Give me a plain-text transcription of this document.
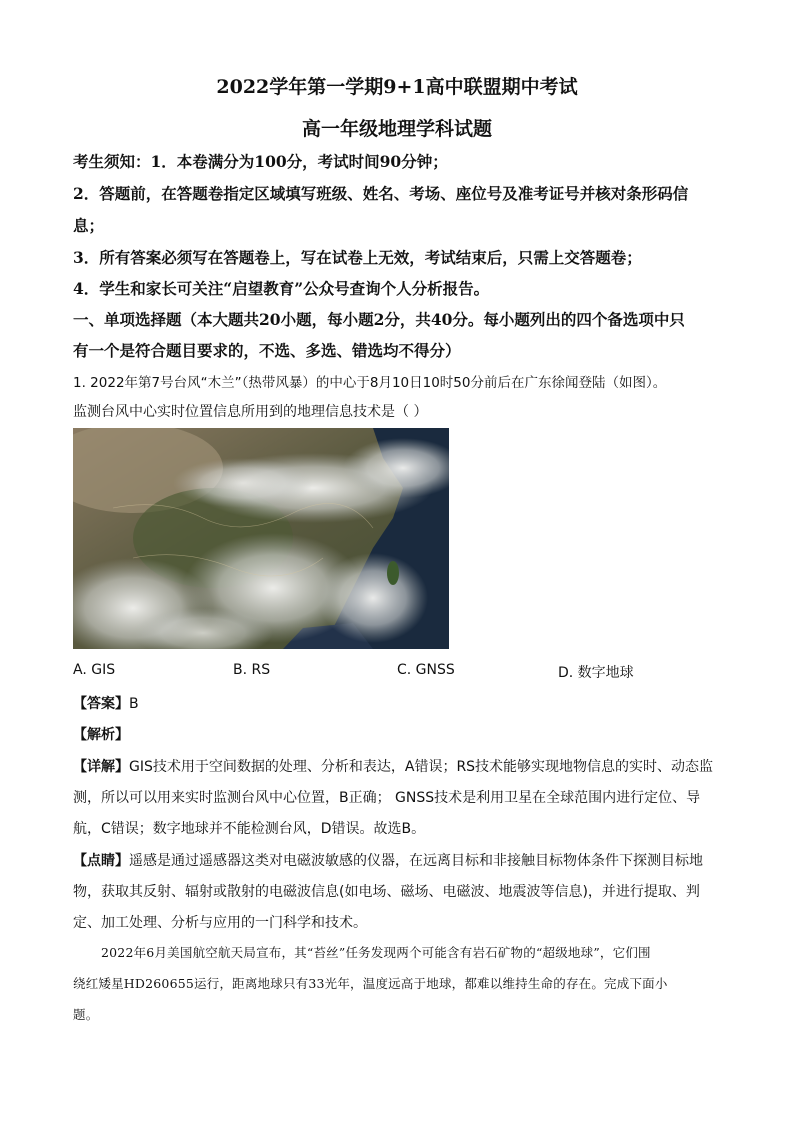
2022学年第一学期9+1高中联盟期中考试
高一年级地理学科试题
考生须知：1．本卷满分为100分，考试时间90分钟；
2．答题前，在答题卷指定区域填写班级、姓名、考场、座位号及准考证号并核对条形码信
息；
3．所有答案必须写在答题卷上，写在试卷上无效，考试结束后，只需上交答题卷；
4．学生和家长可关注“启望教育”公众号查询个人分析报告。
一、单项选择题（本大题共20小题，每小题2分，共40分。每小题列出的四个备选项中只
有一个是符合题目要求的，不选、多选、错选均不得分）
1. 2022年第7号台风“木兰”（热带风暴）的中心于8月10日10时50分前后在广东徐闻登陆（如图）。
监测台风中心实时位置信息所用到的地理信息技术是（ ）
A. GIS	B. RS	C. GNSS	D. 数字地球
【答案】B
【解析】
【详解】GIS技术用于空间数据的处理、分析和表达，A错误；RS技术能够实现地物信息的实时、动态监
测，所以可以用来实时监测台风中心位置，B正确； GNSS技术是利用卫星在全球范围内进行定位、导
航，C错误；数字地球并不能检测台风，D错误。故选B。
【点睛】遥感是通过遥感器这类对电磁波敏感的仪器，在远离目标和非接触目标物体条件下探测目标地
物，获取其反射、辐射或散射的电磁波信息(如电场、磁场、电磁波、地震波等信息)，并进行提取、判
定、加工处理、分析与应用的一门科学和技术。
2022年6月美国航空航天局宣布，其“苔丝”任务发现两个可能含有岩石矿物的“超级地球”，它们围
绕红矮星HD260655运行，距离地球只有33光年，温度远高于地球，都难以维持生命的存在。完成下面小
题。
